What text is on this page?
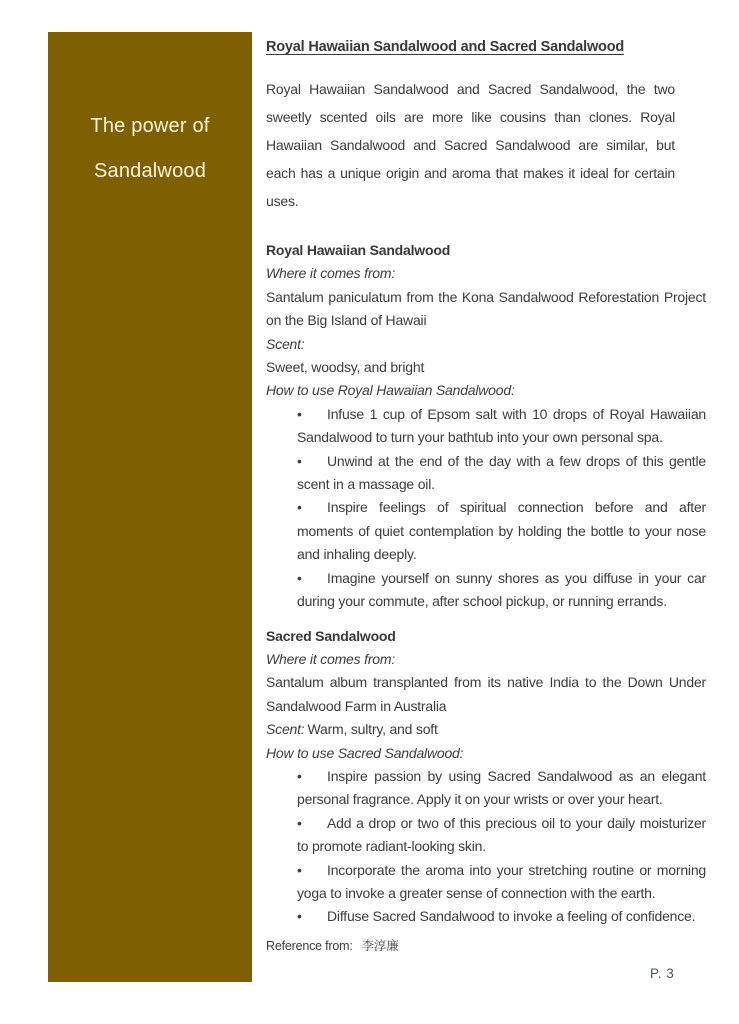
The power of
Sandalwood
Royal Hawaiian Sandalwood and Sacred Sandalwood

Royal Hawaiian Sandalwood and Sacred Sandalwood, the two sweetly scented oils are more like cousins than clones. Royal Hawaiian Sandalwood and Sacred Sandalwood are similar, but each has a unique origin and aroma that makes it ideal for certain uses.

Royal Hawaiian Sandalwood
Where it comes from:
Santalum paniculatum from the Kona Sandalwood Reforestation Project on the Big Island of Hawaii
Scent:
Sweet, woodsy, and bright
How to use Royal Hawaiian Sandalwood:
• Infuse 1 cup of Epsom salt with 10 drops of Royal Hawaiian Sandalwood to turn your bathtub into your own personal spa.
• Unwind at the end of the day with a few drops of this gentle scent in a massage oil.
• Inspire feelings of spiritual connection before and after moments of quiet contemplation by holding the bottle to your nose and inhaling deeply.
• Imagine yourself on sunny shores as you diffuse in your car during your commute, after school pickup, or running errands.
Sacred Sandalwood
Where it comes from:
Santalum album transplanted from its native India to the Down Under Sandalwood Farm in Australia
Scent: Warm, sultry, and soft
How to use Sacred Sandalwood:
• Inspire passion by using Sacred Sandalwood as an elegant personal fragrance. Apply it on your wrists or over your heart.
• Add a drop or two of this precious oil to your daily moisturizer to promote radiant-looking skin.
• Incorporate the aroma into your stretching routine or morning yoga to invoke a greater sense of connection with the earth.
• Diffuse Sacred Sandalwood to invoke a feeling of confidence.
Reference from: 李淳廉
P. 3
